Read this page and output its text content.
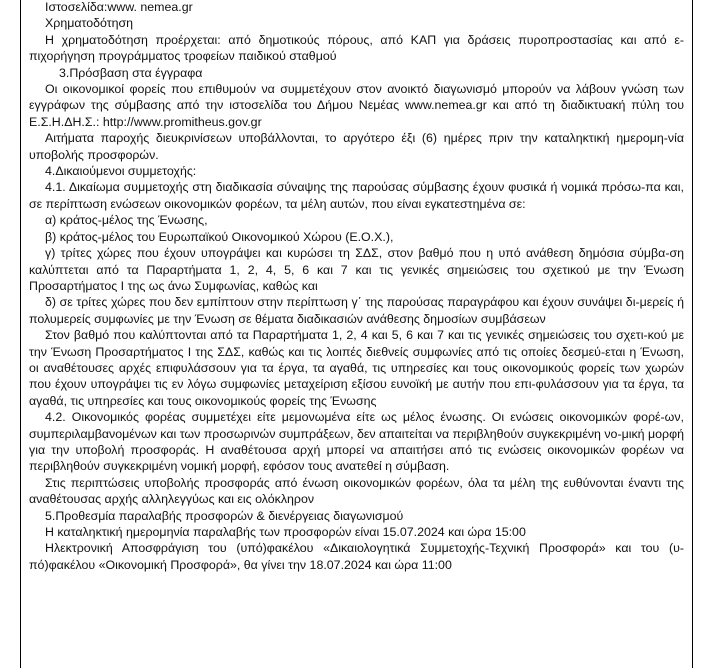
Ιστοσελίδα:www. nemea.gr

Χρηματοδότηση

Η χρηματοδότηση προέρχεται: από δημοτικούς πόρους, από ΚΑΠ για δράσεις πυροπροστασίας και από ε-πιχορήγηση προγράμματος τροφείων παιδικού σταθμού

3.Πρόσβαση στα έγγραφα

Οι οικονομικοί φορείς που επιθυμούν να συμμετέχουν στον ανοικτό διαγωνισμό μπορούν να λάβουν γνώση των εγγράφων της σύμβασης από την ιστοσελίδα του Δήμου Νεμέας www.nemea.gr και από τη διαδικτυακή πύλη του Ε.Σ.Η.ΔΗ.Σ.: http://www.promitheus.gov.gr

Αιτήματα παροχής διευκρινίσεων υποβάλλονται, το αργότερο έξι (6) ημέρες πριν την καταληκτική ημερομη-νία υποβολής προσφορών.

4.Δικαιούμενοι συμμετοχής:

4.1. Δικαίωμα συμμετοχής στη διαδικασία σύναψης της παρούσας σύμβασης έχουν φυσικά ή νομικά πρόσω-πα και, σε περίπτωση ενώσεων οικονομικών φορέων, τα μέλη αυτών, που είναι εγκατεστημένα σε:

α) κράτος-μέλος της Ένωσης,

β) κράτος-μέλος του Ευρωπαϊκού Οικονομικού Χώρου (Ε.Ο.Χ.),

γ) τρίτες χώρες που έχουν υπογράψει και κυρώσει τη ΣΔΣ, στον βαθμό που η υπό ανάθεση δημόσια σύμβα-ση καλύπτεται από τα Παραρτήματα 1, 2, 4, 5, 6 και 7 και τις γενικές σημειώσεις του σχετικού με την Ένωση Προσαρτήματος Ι της ως άνω Συμφωνίας, καθώς και

δ) σε τρίτες χώρες που δεν εμπίπτουν στην περίπτωση γ΄ της παρούσας παραγράφου και έχουν συνάψει δι-μερείς ή πολυμερείς συμφωνίες με την Ένωση σε θέματα διαδικασιών ανάθεσης δημοσίων συμβάσεων

Στον βαθμό που καλύπτονται από τα Παραρτήματα 1, 2, 4 και 5, 6 και 7 και τις γενικές σημειώσεις του σχετι-κού με την Ένωση Προσαρτήματος Ι της ΣΔΣ, καθώς και τις λοιπές διεθνείς συμφωνίες από τις οποίες δεσμεύ-εται η Ένωση, οι αναθέτουσες αρχές επιφυλάσσουν για τα έργα, τα αγαθά, τις υπηρεσίες και τους οικονομικούς φορείς των χωρών που έχουν υπογράψει τις εν λόγω συμφωνίες μεταχείριση εξίσου ευνοϊκή με αυτήν που επι-φυλάσσουν για τα έργα, τα αγαθά, τις υπηρεσίες και τους οικονομικούς φορείς της Ένωσης

4.2. Οικονομικός φορέας συμμετέχει είτε μεμονωμένα είτε ως μέλος ένωσης. Οι ενώσεις οικονομικών φορέ-ων, συμπεριλαμβανομένων και των προσωρινών συμπράξεων, δεν απαιτείται να περιβληθούν συγκεκριμένη νο-μική μορφή για την υποβολή προσφοράς. Η αναθέτουσα αρχή μπορεί να απαιτήσει από τις ενώσεις οικονομικών φορέων να περιβληθούν συγκεκριμένη νομική μορφή, εφόσον τους ανατεθεί η σύμβαση.

Στις περιπτώσεις υποβολής προσφοράς από ένωση οικονομικών φορέων, όλα τα μέλη της ευθύνονται έναντι της αναθέτουσας αρχής αλληλεγγύως και εις ολόκληρον

5.Προθεσμία παραλαβής προσφορών & διενέργειας διαγωνισμού

Η καταληκτική ημερομηνία παραλαβής των προσφορών είναι 15.07.2024 και ώρα 15:00

Ηλεκτρονική Αποσφράγιση του (υπό)φακέλου «Δικαιολογητικά Συμμετοχής-Τεχνική Προσφορά» και του (υ-πό)φακέλου «Οικονομική Προσφορά», θα γίνει την 18.07.2024 και ώρα 11:00
